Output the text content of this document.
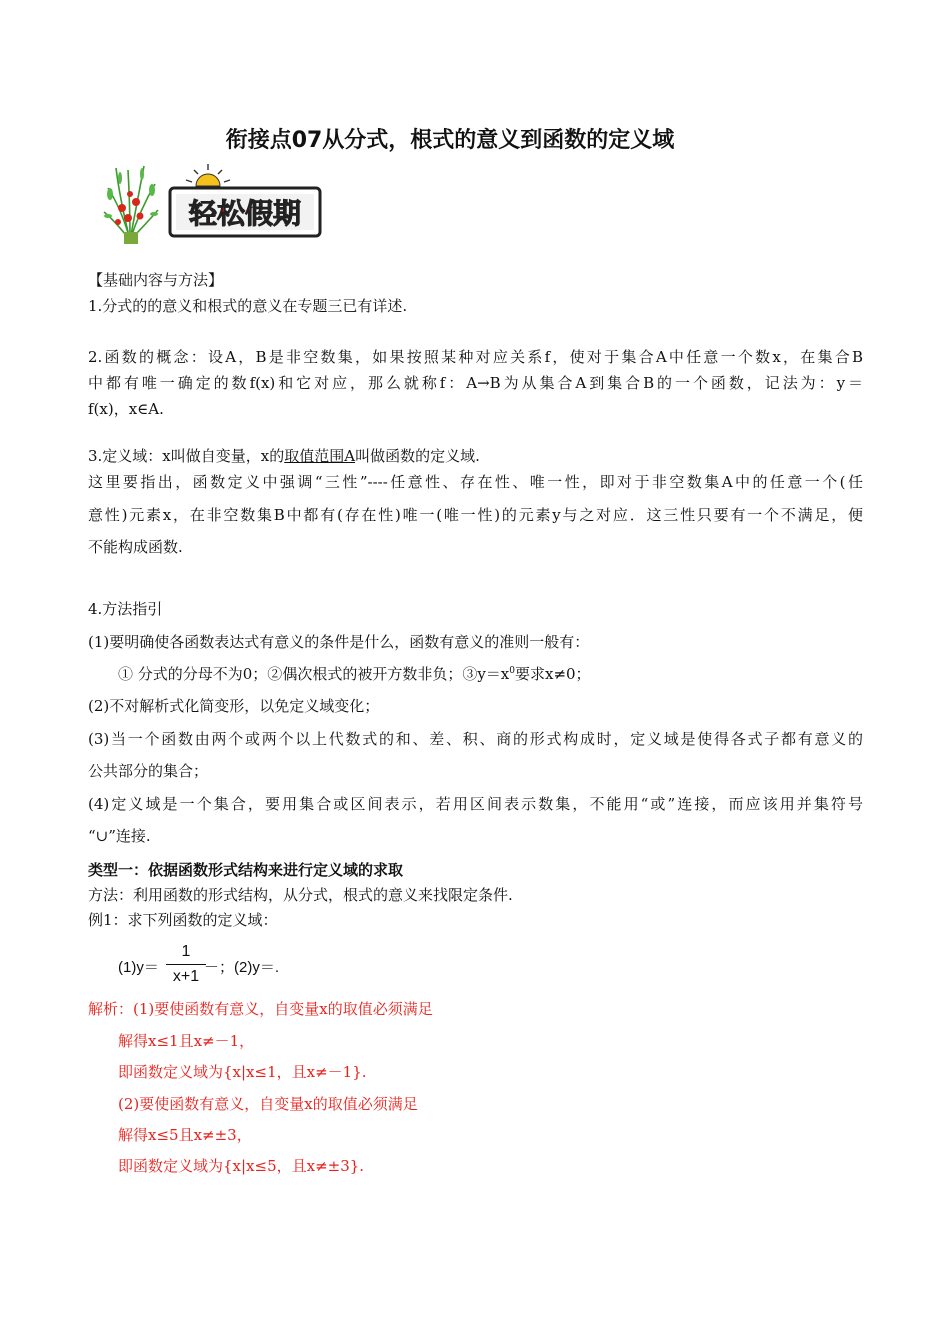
衔接点07从分式，根式的意义到函数的定义域
轻松假期
【基础内容与方法】
1.分式的的意义和根式的意义在专题三已有详述.
2.函数的概念：设A，B是非空数集，如果按照某种对应关系f，使对于集合A中任意一个数x，在集合B
中都有唯一确定的数f(x)和它对应，那么就称f：A→B为从集合A到集合B的一个函数，记法为：y＝
f(x)，x∈A.
3.定义域：x叫做自变量，x的取值范围A叫做函数的定义域.
这里要指出，函数定义中强调“三性”----任意性、存在性、唯一性，即对于非空数集A中的任意一个(任
意性)元素x，在非空数集B中都有(存在性)唯一(唯一性)的元素y与之对应．这三性只要有一个不满足，便
不能构成函数.
4.方法指引
(1)要明确使各函数表达式有意义的条件是什么，函数有意义的准则一般有：
① 分式的分母不为0；②偶次根式的被开方数非负；$③y=x^0$要求x≠0；
(2)不对解析式化简变形，以免定义域变化；
(3)当一个函数由两个或两个以上代数式的和、差、积、商的形式构成时，定义域是使得各式子都有意义的
公共部分的集合；
(4)定义域是一个集合，要用集合或区间表示，若用区间表示数集，不能用“或”连接，而应该用并集符号
“∪”连接.
类型一：依据函数形式结构来进行定义域的求取
方法：利用函数的形式结构，从分式，根式的意义来找限定条件.
例1：求下列函数的定义域：
(1)y＝
1
x+1
－；(2)y＝.
解析：(1)要使函数有意义，自变量x的取值必须满足
解得x≤1且x≠－1，
即函数定义域为{x|x≤1，且x≠－1}.
(2)要使函数有意义，自变量x的取值必须满足
解得x≤5且x≠±3，
即函数定义域为{x|x≤5，且x≠±3}.
